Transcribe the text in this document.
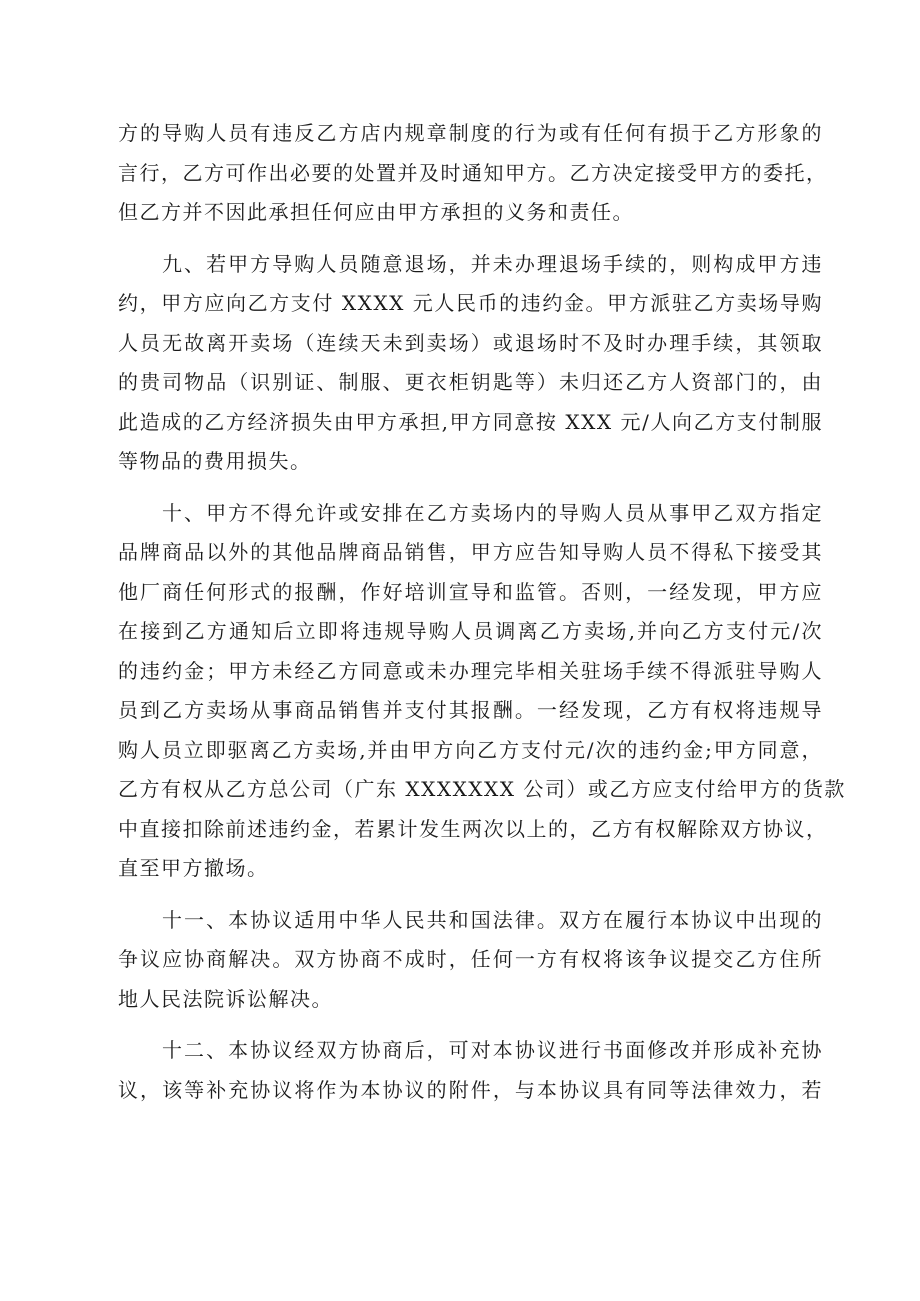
方的导购人员有违反乙方店内规章制度的行为或有任何有损于乙方形象的
言行，乙方可作出必要的处置并及时通知甲方。乙方决定接受甲方的委托，
但乙方并不因此承担任何应由甲方承担的义务和责任。
九、若甲方导购人员随意退场，并未办理退场手续的，则构成甲方违
约，甲方应向乙方支付 XXXX 元人民币的违约金。甲方派驻乙方卖场导购
人员无故离开卖场（连续天未到卖场）或退场时不及时办理手续，其领取
的贵司物品（识别证、制服、更衣柜钥匙等）未归还乙方人资部门的，由
此造成的乙方经济损失由甲方承担,甲方同意按 XXX 元/人向乙方支付制服
等物品的费用损失。
十、甲方不得允许或安排在乙方卖场内的导购人员从事甲乙双方指定
品牌商品以外的其他品牌商品销售，甲方应告知导购人员不得私下接受其
他厂商任何形式的报酬，作好培训宣导和监管。否则，一经发现，甲方应
在接到乙方通知后立即将违规导购人员调离乙方卖场,并向乙方支付元/次
的违约金；甲方未经乙方同意或未办理完毕相关驻场手续不得派驻导购人
员到乙方卖场从事商品销售并支付其报酬。一经发现，乙方有权将违规导
购人员立即驱离乙方卖场,并由甲方向乙方支付元/次的违约金;甲方同意，
乙方有权从乙方总公司（广东 XXXXXXX 公司）或乙方应支付给甲方的货款
中直接扣除前述违约金，若累计发生两次以上的，乙方有权解除双方协议，
直至甲方撤场。
十一、本协议适用中华人民共和国法律。双方在履行本协议中出现的
争议应协商解决。双方协商不成时，任何一方有权将该争议提交乙方住所
地人民法院诉讼解决。
十二、本协议经双方协商后，可对本协议进行书面修改并形成补充协
议，该等补充协议将作为本协议的附件，与本协议具有同等法律效力，若
